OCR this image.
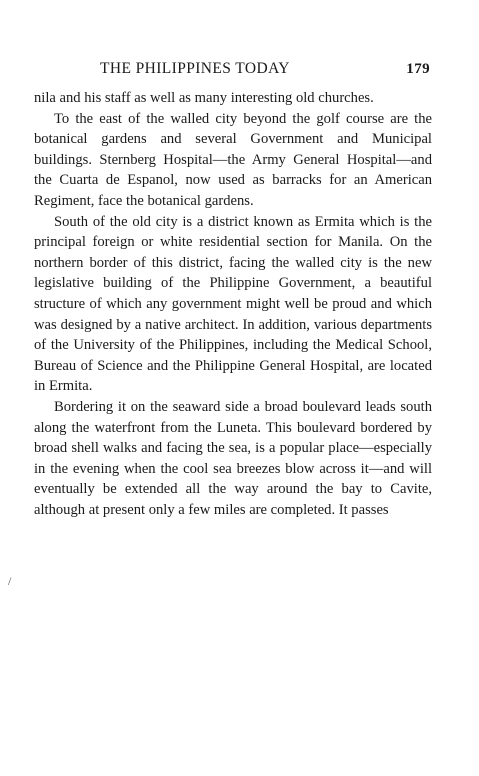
THE PHILIPPINES TODAY	179

nila and his staff as well as many interesting old churches.

To the east of the walled city beyond the golf course are the botanical gardens and several Government and Municipal buildings. Sternberg Hospital—the Army General Hospital—and the Cuarta de Espanol, now used as barracks for an American Regiment, face the botanical gardens.

South of the old city is a district known as Ermita which is the principal foreign or white residential section for Manila. On the northern border of this district, facing the walled city is the new legislative building of the Philippine Government, a beautiful structure of which any government might well be proud and which was designed by a native architect. In addition, various departments of the University of the Philippines, including the Medical School, Bureau of Science and the Philippine General Hospital, are located in Ermita.

Bordering it on the seaward side a broad boulevard leads south along the waterfront from the Luneta. This boulevard bordered by broad shell walks and facing the sea, is a popular place—especially in the evening when the cool sea breezes blow across it—and will eventually be extended all the way around the bay to Cavite, although at present only a few miles are completed. It passes

/
